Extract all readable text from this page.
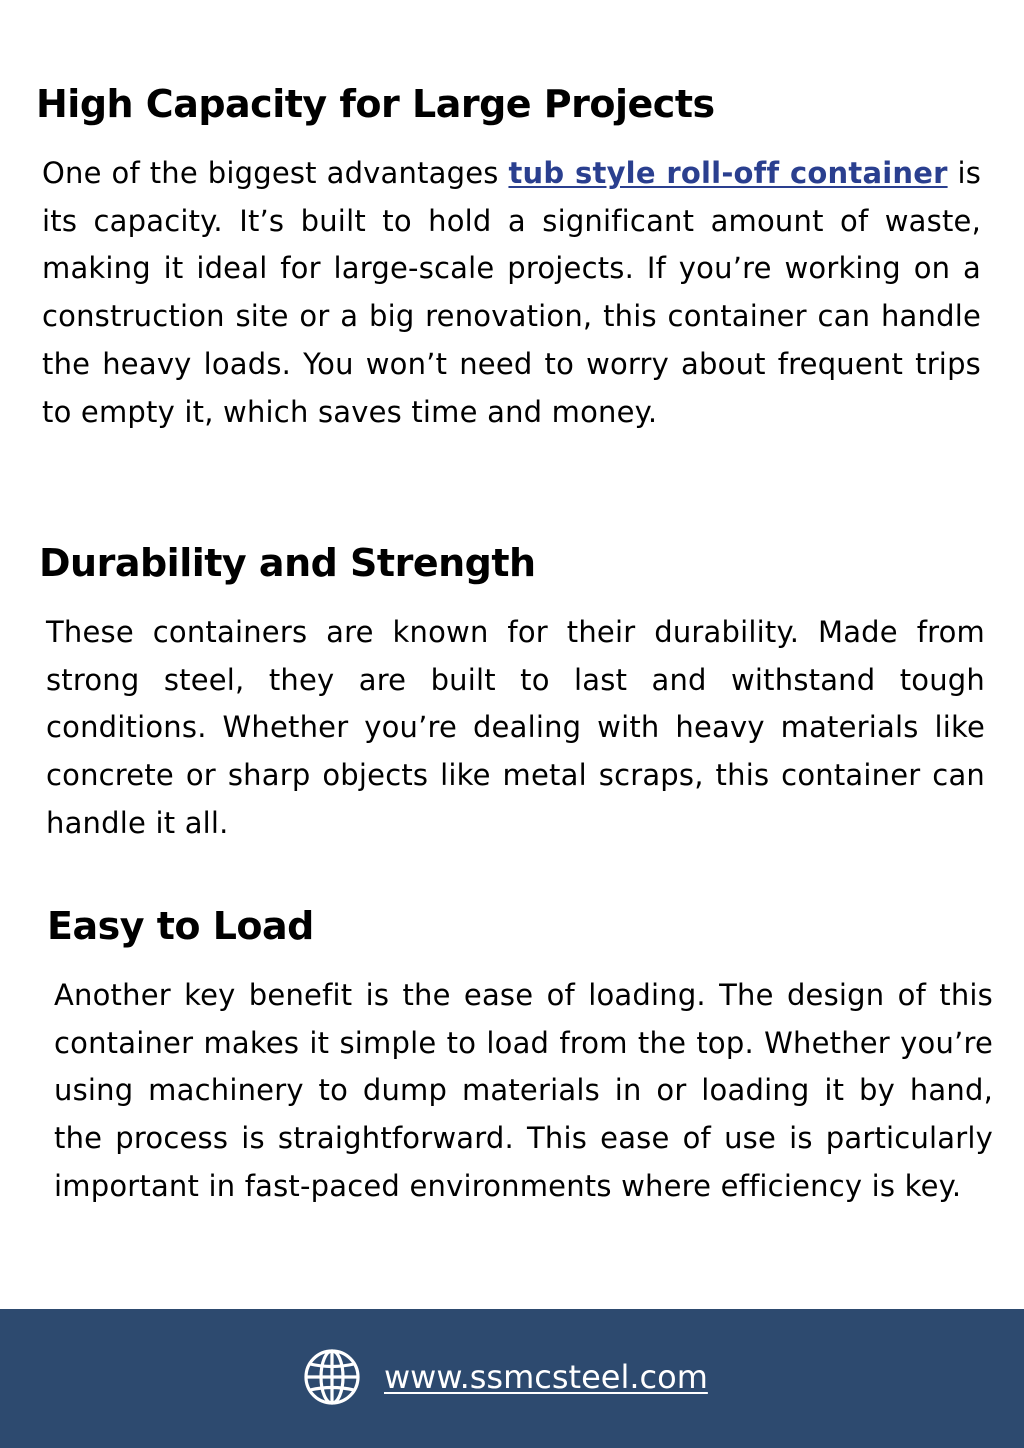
High Capacity for Large Projects

One of the biggest advantages tub style roll-off container is its capacity. It’s built to hold a significant amount of waste, making it ideal for large-scale projects. If you’re working on a construction site or a big renovation, this container can handle the heavy loads. You won’t need to worry about frequent trips to empty it, which saves time and money.

Durability and Strength

These containers are known for their durability. Made from strong steel, they are built to last and withstand tough conditions. Whether you’re dealing with heavy materials like concrete or sharp objects like metal scraps, this container can handle it all.

Easy to Load

Another key benefit is the ease of loading. The design of this container makes it simple to load from the top. Whether you’re using machinery to dump materials in or loading it by hand, the process is straightforward. This ease of use is particularly important in fast-paced environments where efficiency is key.

www.ssmcsteel.com
